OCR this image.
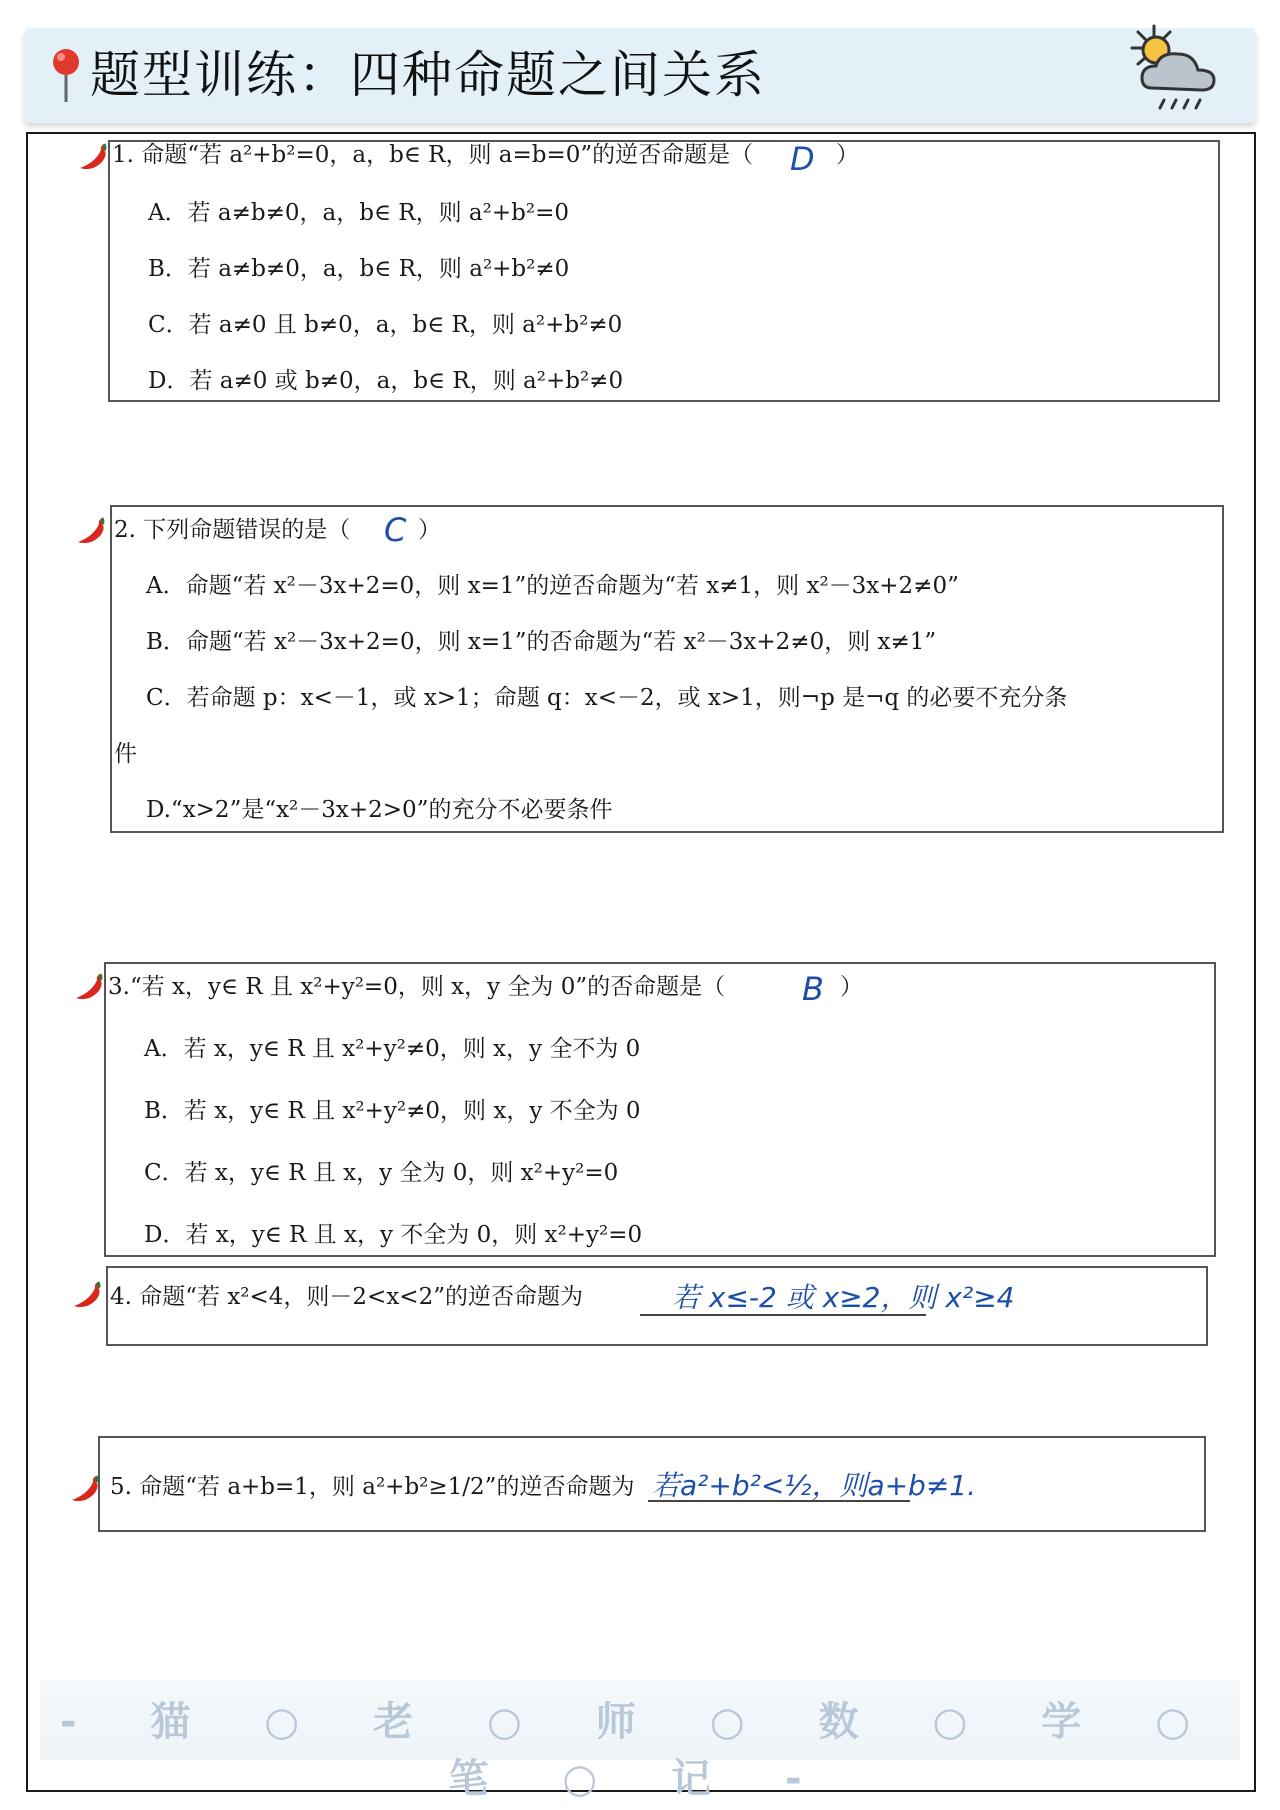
题型训练：四种命题之间关系
1. 命题“若 a²+b²=0，a，b∈ R，则 a=b=0”的逆否命题是（ D ）
A．若 a≠b≠0，a，b∈ R，则 a²+b²=0
B．若 a≠b≠0，a，b∈ R，则 a²+b²≠0
C．若 a≠0 且 b≠0，a，b∈ R，则 a²+b²≠0
D．若 a≠0 或 b≠0，a，b∈ R，则 a²+b²≠0
2. 下列命题错误的是（ C ）
A．命题“若 x²－3x+2=0，则 x=1”的逆否命题为“若 x≠1，则 x²－3x+2≠0”
B．命题“若 x²－3x+2=0，则 x=1”的否命题为“若 x²－3x+2≠0，则 x≠1”
C．若命题 p：x<－1，或 x>1；命题 q：x<－2，或 x>1，则¬p 是¬q 的必要不充分条
件
D.“x>2”是“x²－3x+2>0”的充分不必要条件
3.“若 x，y∈ R 且 x²+y²=0，则 x，y 全为 0”的否命题是（ B ）
A．若 x，y∈ R 且 x²+y²≠0，则 x，y 全不为 0
B．若 x，y∈ R 且 x²+y²≠0，则 x，y 不全为 0
C．若 x，y∈ R 且 x，y 全为 0，则 x²+y²=0
D．若 x，y∈ R 且 x，y 不全为 0，则 x²+y²=0
4. 命题“若 x²<4，则－2<x<2”的逆否命题为	若 x≤-2 或 x≥2，则 x²≥4
5. 命题“若 a+b=1，则 a²+b²≥1/2”的逆否命题为 若a²+b²<½，则a+b≠1.
- 猫 ○ 老 ○ 师 ○ 数 ○ 学 ○ 笔 ○ 记 -
